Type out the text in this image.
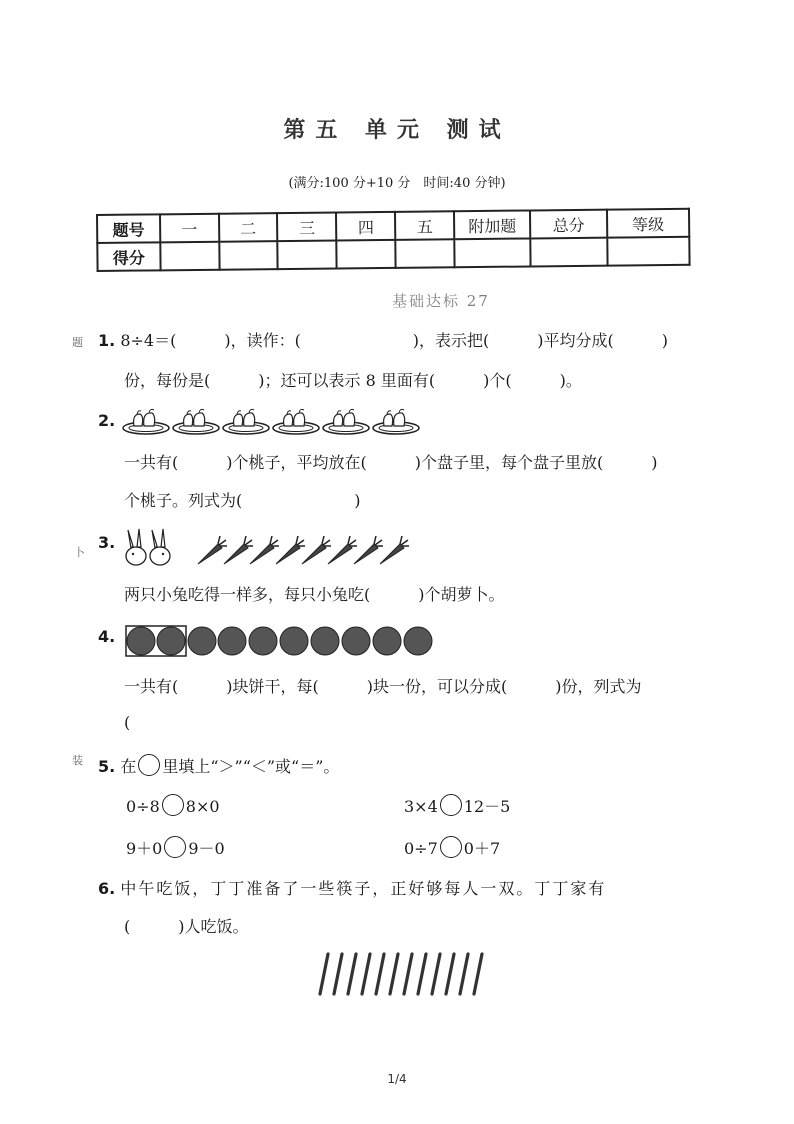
题
卜
装
第五 单元 测试
(满分:100 分+10 分　时间:40 分钟)
题号	一	二	三	四	五	附加题	总分	等级
得分								
基础达标 27
1. 8÷4＝(　　　)，读作：(　　　　　　　)，表示把(　　　)平均分成(　　　)
份，每份是(　　　)；还可以表示 8 里面有(　　　)个(　　　)。
2.
一共有(　　　)个桃子，平均放在(　　　)个盘子里，每个盘子里放(　　　)
个桃子。列式为(　　　　　　　)
3.
两只小兔吃得一样多，每只小兔吃(　　　)个胡萝卜。
4.
一共有(　　　)块饼干，每(　　　)块一份，可以分成(　　　)份，列式为
(
5. 在 里填上“＞”“＜”或“＝”。
0÷8 8×0	3×4 12－5
9＋0 9－0	0÷7 0＋7
6. 中午吃饭，丁丁准备了一些筷子，正好够每人一双。丁丁家有
(　　　)人吃饭。
1/4
